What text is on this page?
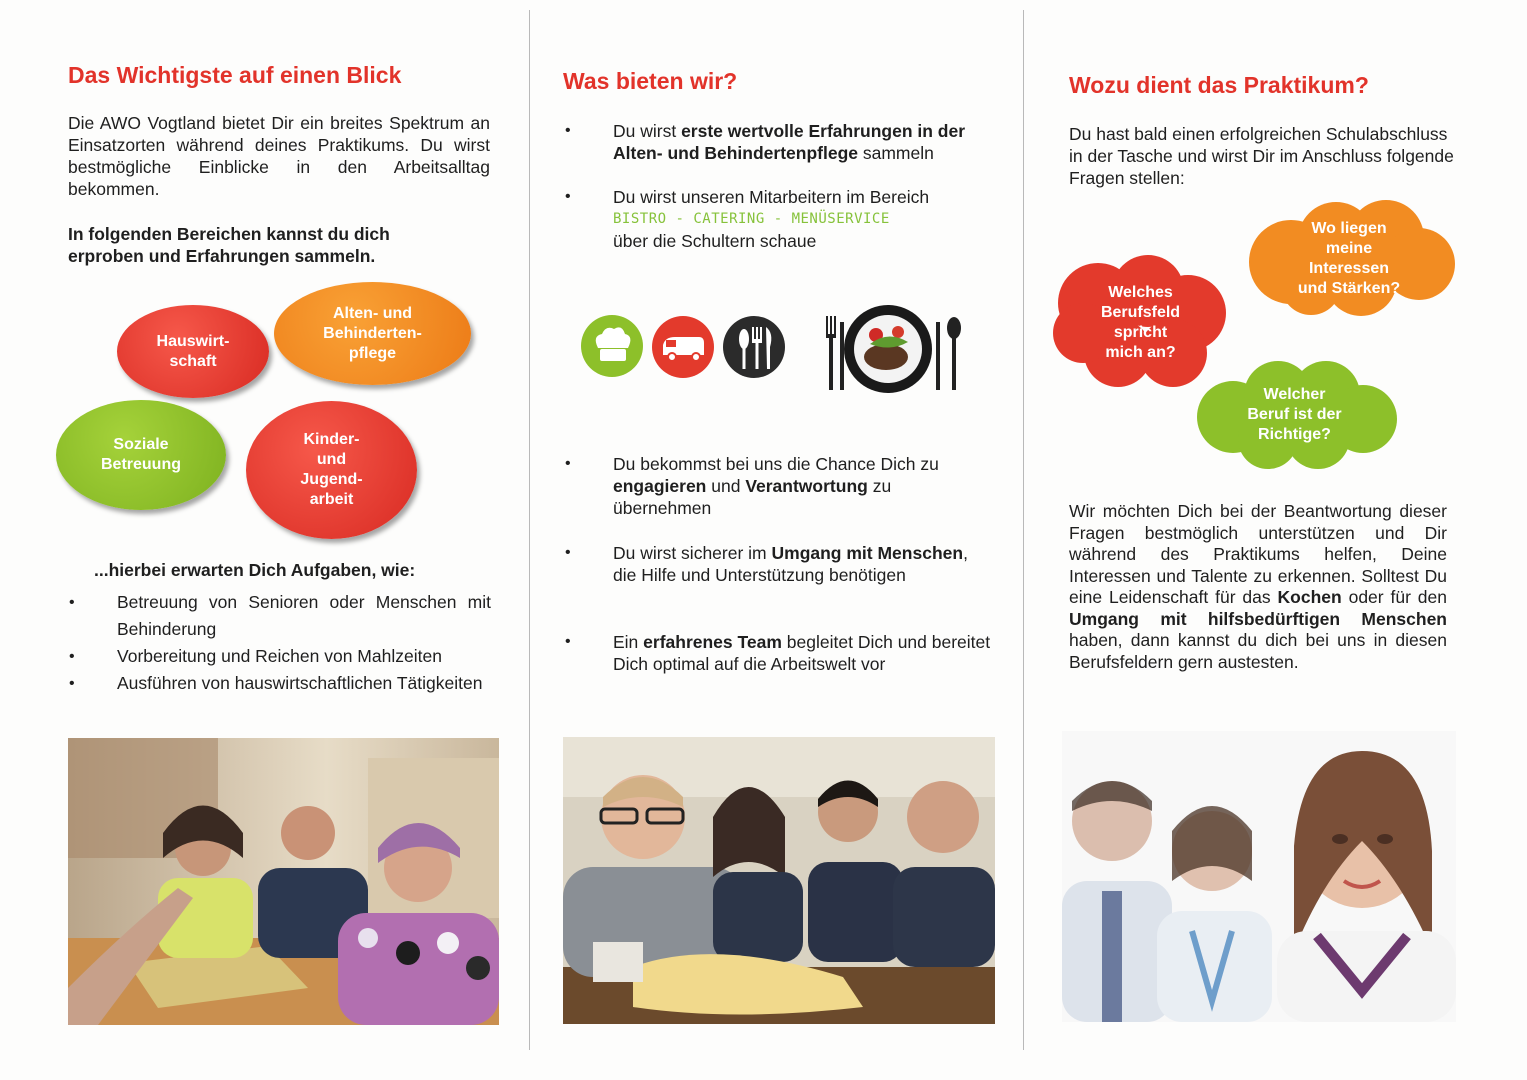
Das Wichtigste auf einen Blick
Die AWO Vogtland bietet Dir ein breites Spektrum an Einsatzorten während deines Praktikums. Du wirst bestmögliche Einblicke in den Arbeitsalltag bekommen.
In folgenden Bereichen kannst du dich erproben und Erfahrungen sammeln.
Hauswirt-
schaft
Alten- und
Behinderten-
pflege
Soziale
Betreuung
Kinder-
und
Jugend-
arbeit
...hierbei erwarten Dich Aufgaben, wie:
• Betreuung von Senioren oder Menschen mit Behinderung
• Vorbereitung und Reichen von Mahlzeiten
• Ausführen von hauswirtschaftlichen Tätigkeiten
Was bieten wir?
• Du wirst erste wertvolle Erfahrungen in der Alten- und Behindertenpflege sammeln
• Du wirst unseren Mitarbeitern im Bereich
BISTRO - CATERING - MENÜSERVICE
über die Schultern schaue
• Du bekommst bei uns die Chance Dich zu engagieren und Verantwortung zu übernehmen
• Du wirst sicherer im Umgang mit Menschen, die Hilfe und Unterstützung benötigen
• Ein erfahrenes Team begleitet Dich und bereitet Dich optimal auf die Arbeitswelt vor
Wozu dient das Praktikum?
Du hast bald einen erfolgreichen Schulabschluss in der Tasche und wirst Dir im Anschluss folgende Fragen stellen:
Wo liegen
meine
Interessen
und Stärken?
Welches
Berufsfeld
spricht
mich an?
Welcher
Beruf ist der
Richtige?
Wir möchten Dich bei der Beantwortung dieser Fragen bestmöglich unterstützen und Dir während des Praktikums helfen, Deine Interessen und Talente zu erkennen. Solltest Du eine Leidenschaft für das Kochen oder für den Umgang mit hilfsbedürftigen Menschen haben, dann kannst du dich bei uns in diesen Berufsfeldern gern austesten.
